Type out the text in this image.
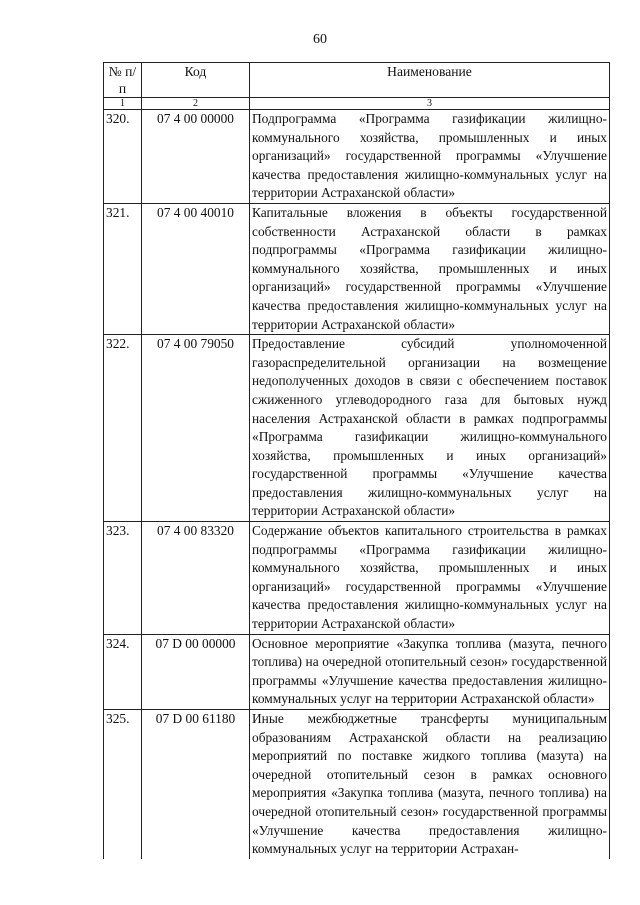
60
№ п/п	Код	Наименование
1	2	3
320.	07 4 00 00000	Подпрограмма «Программа газификации жилищно-коммунального хозяйства, промышленных и иных организаций» государственной программы «Улучшение качества предоставления жилищно-коммунальных услуг на территории Астраханской области»
321.	07 4 00 40010	Капитальные вложения в объекты государственной собственности Астраханской области в рамках подпрограммы «Программа газификации жилищно-коммунального хозяйства, промышленных и иных организаций» государственной программы «Улучшение качества предоставления жилищно-коммунальных услуг на территории Астраханской области»
322.	07 4 00 79050	Предоставление субсидий уполномоченной газораспределительной организации на возмещение недополученных доходов в связи с обеспечением поставок сжиженного углеводородного газа для бытовых нужд населения Астраханской области в рамках подпрограммы «Программа газификации жилищно-коммунального хозяйства, промышленных и иных организаций» государственной программы «Улучшение качества предоставления жилищно-коммунальных услуг на территории Астраханской области»
323.	07 4 00 83320	Содержание объектов капитального строительства в рамках подпрограммы «Программа газификации жилищно-коммунального хозяйства, промышленных и иных организаций» государственной программы «Улучшение качества предоставления жилищно-коммунальных услуг на территории Астраханской области»
324.	07 D 00 00000	Основное мероприятие «Закупка топлива (мазута, печного топлива) на очередной отопительный сезон» государственной программы «Улучшение качества предоставления жилищно-коммунальных услуг на территории Астраханской области»
325.	07 D 00 61180	Иные межбюджетные трансферты муниципальным образованиям Астраханской области на реализацию мероприятий по поставке жидкого топлива (мазута) на очередной отопительный сезон в рамках основного мероприятия «Закупка топлива (мазута, печного топлива) на очередной отопительный сезон» государственной программы «Улучшение качества предоставления жилищно-коммунальных услуг на территории Астрахан-
